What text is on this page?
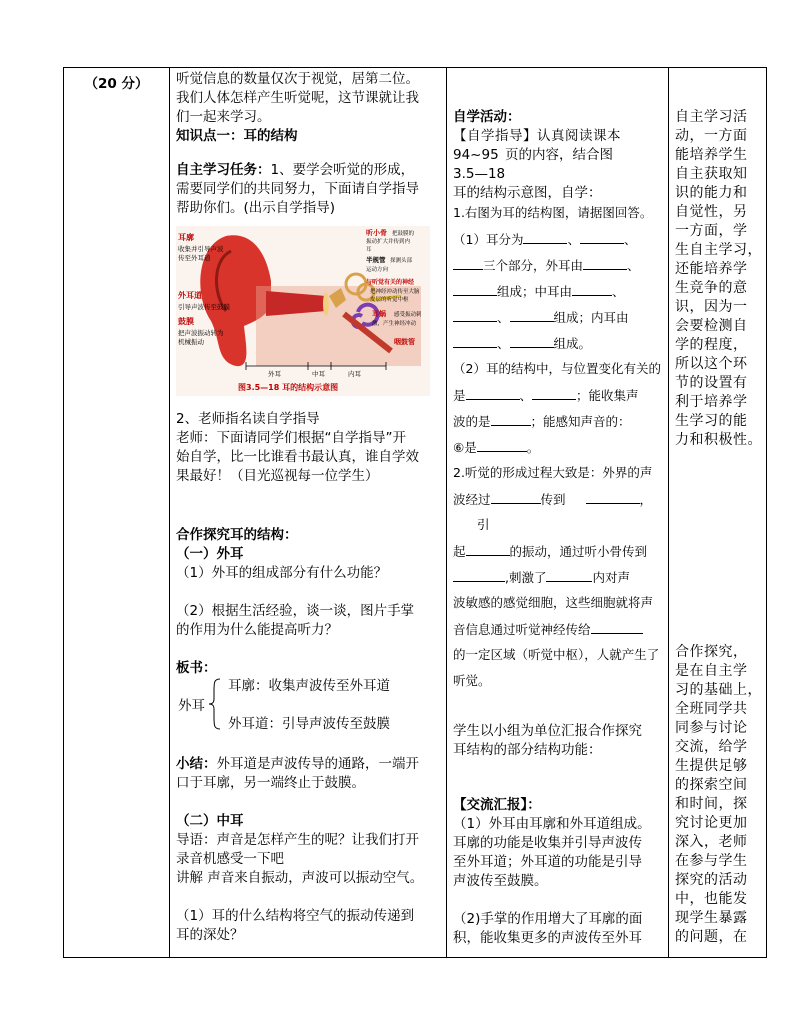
（20 分）	听觉信息的数量仅次于视觉，居第二位。
我们人体怎样产生听觉呢，这节课就让我
们一起来学习。
知识点一：耳的结构
自主学习任务：1、要学会听觉的形成，
需要同学们的共同努力，下面请自学指导
帮助你们。(出示自学指导)
耳廓
收集并引导声波
传至外耳道
外耳道
引导声波传至鼓膜
鼓膜
把声波振动转为
机械振动
听小骨 把鼓膜的
振动扩大并传到内
耳
半规管 探测头部
运动方向
与听觉有关的神经
把神经冲动传至大脑
皮层的听觉中枢
耳蜗 感受振动刺
激，产生神经冲动
咽鼓管
外耳	中耳	内耳
图3.5—18 耳的结构示意图
2、老师指名读自学指导
老师：下面请同学们根据“自学指导”开
始自学，比一比谁看书最认真，谁自学效
果最好！（目光巡视每一位学生）
合作探究耳的结构：
（一）外耳
（1）外耳的组成部分有什么功能？
（2）根据生活经验，谈一谈，图片手掌
的作用为什么能提高听力？
板书：
外耳
耳廓：收集声波传至外耳道
外耳道：引导声波传至鼓膜
小结：外耳道是声波传导的通路，一端开
口于耳廓，另一端终止于鼓膜。
（二）中耳
导语：声音是怎样产生的呢？让我们打开
录音机感受一下吧
讲解 声音来自振动，声波可以振动空气。
（1）耳的什么结构将空气的振动传递到
耳的深处？

自学活动：
【自学指导】认真阅读课本
94~95 页的内容，结合图
3.5—18
耳的结构示意图，自学：
1.右图为耳的结构图，请据图回答。
（1）耳分为	、	、
三个部分，外耳由	、
组成；中耳由	、
、	组成；内耳由
、	组成。
（2）耳的结构中，与位置变化有关的
是	、	；能收集声
波的是	；能感知声音的：
⑥是	。
2.听觉的形成过程大致是：外界的声
波经过	传到	，
引
起	的振动，通过听小骨传到
,刺激了	内对声
波敏感的感觉细胞，这些细胞就将声
音信息通过听觉神经传给
的一定区域（听觉中枢），人就产生了
听觉。
学生以小组为单位汇报合作探究
耳结构的部分结构功能：
【交流汇报】：
（1）外耳由耳廓和外耳道组成。
耳廓的功能是收集并引导声波传
至外耳道；外耳道的功能是引导
声波传至鼓膜。
（2)手掌的作用增大了耳廓的面
积，能收集更多的声波传至外耳

自主学习活
动，一方面
能培养学生
自主获取知
识的能力和
自觉性，另
一方面，学
生自主学习，
还能培养学
生竞争的意
识，因为一
会要检测自
学的程度，
所以这个环
节的设置有
利于培养学
生学习的能
力和积极性。
合作探究，
是在自主学
习的基础上，
全班同学共
同参与讨论
交流，给学
生提供足够
的探索空间
和时间，探
究讨论更加
深入，老师
在参与学生
探究的活动
中，也能发
现学生暴露
的问题，在
